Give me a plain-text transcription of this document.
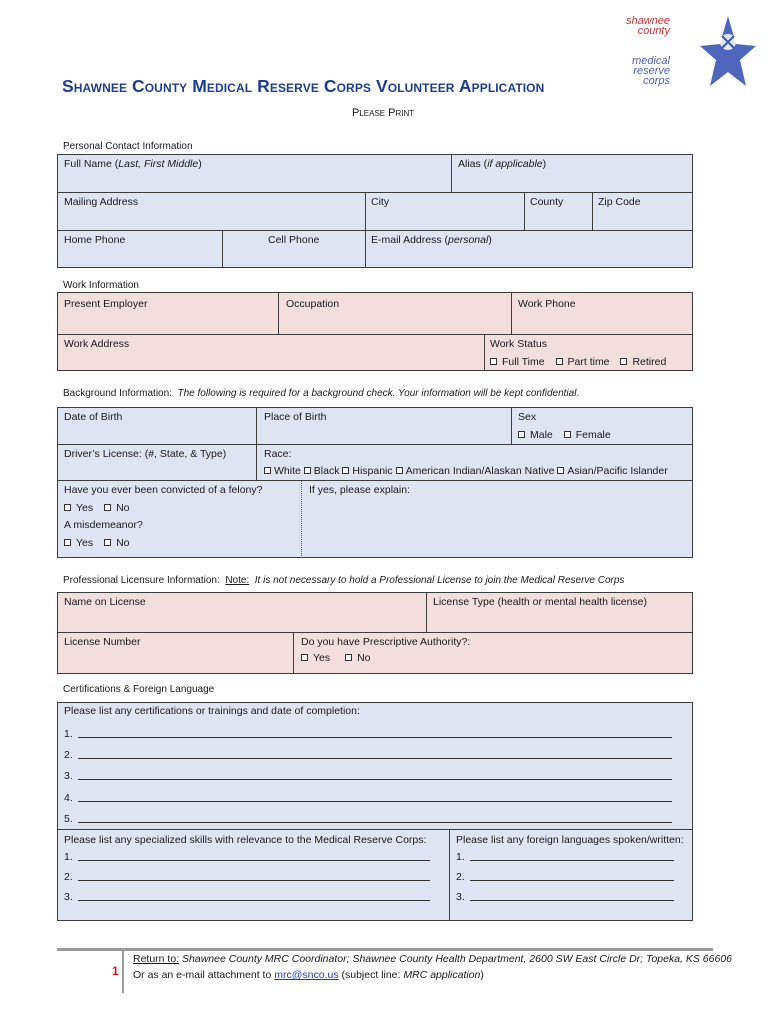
shawnee
county
medical
reserve
corps
Shawnee County Medical Reserve Corps Volunteer Application
Please Print
Personal Contact Information
Full Name (Last, First Middle)	Alias (if applicable)
Mailing Address	City	County	Zip Code
Home Phone	Cell Phone	E-mail Address (personal)
Work Information
Present Employer	Occupation	Work Phone
Work Address	Work Status
Full Time Part time Retired
Background Information: The following is required for a background check. Your information will be kept confidential.
Date of Birth	Place of Birth	Sex
Male Female
Driver’s License: (#, State, & Type)	Race:
White Black Hispanic American Indian/Alaskan Native Asian/Pacific Islander
Have you ever been convicted of a felony?
Yes No
A misdemeanor?
Yes No
If yes, please explain:
Professional Licensure Information: Note: It is not necessary to hold a Professional License to join the Medical Reserve Corps
Name on License	License Type (health or mental health license)
License Number	Do you have Prescriptive Authority?:
Yes	No
Certifications & Foreign Language
Please list any certifications or trainings and date of completion:
1.
2.
3.
4.
5.
Please list any specialized skills with relevance to the Medical Reserve Corps:
1.
2.
3.
Please list any foreign languages spoken/written:
1.
2.
3.
1
Return to: Shawnee County MRC Coordinator; Shawnee County Health Department, 2600 SW East Circle Dr; Topeka, KS 66606
Or as an e-mail attachment to mrc@snco.us (subject line: MRC application)
